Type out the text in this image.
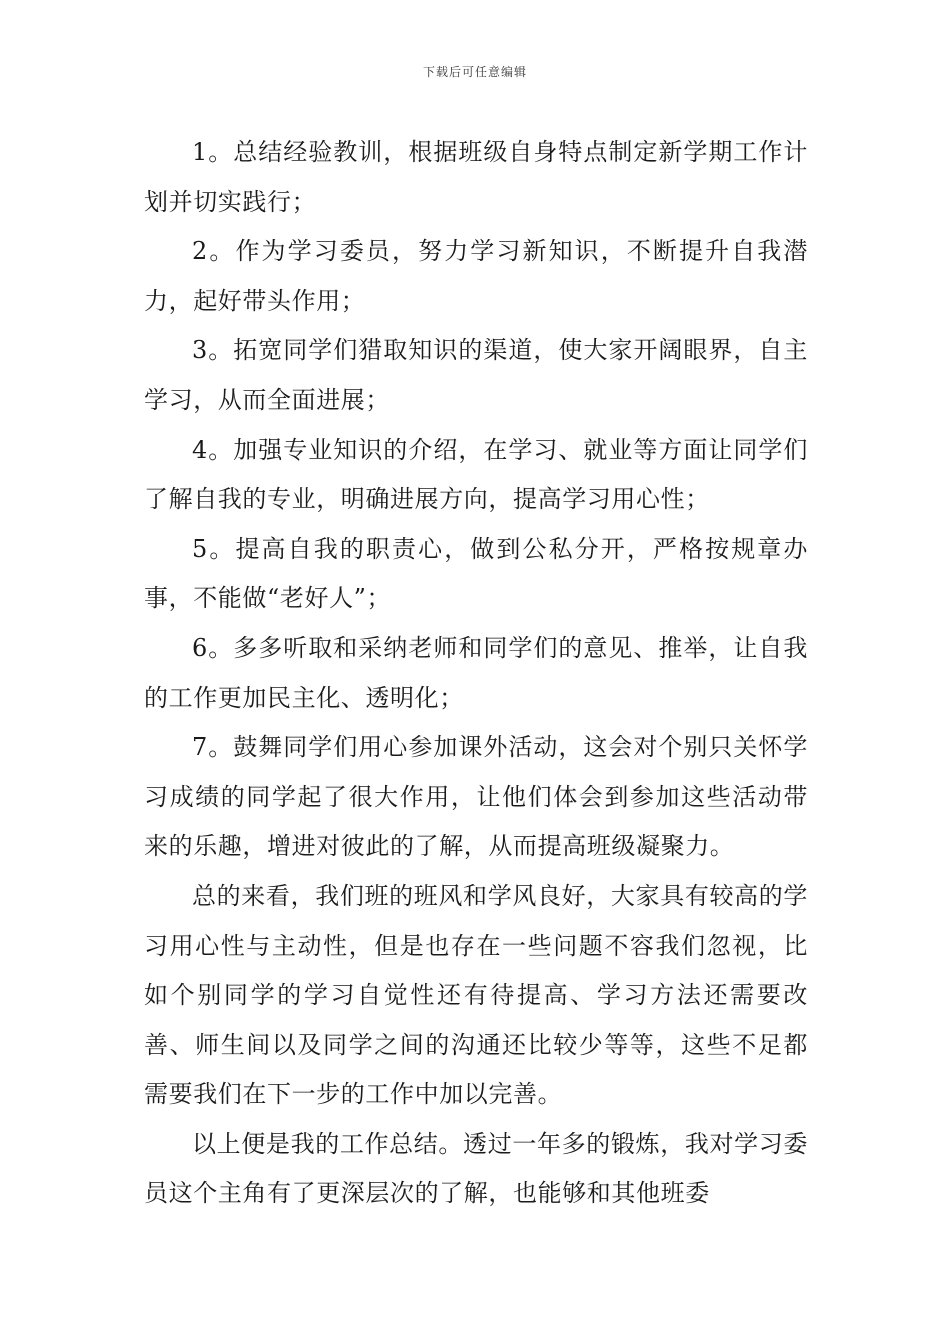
下载后可任意编辑

1。总结经验教训，根据班级自身特点制定新学期工作计划并切实践行；

2。作为学习委员，努力学习新知识，不断提升自我潜力，起好带头作用；

3。拓宽同学们猎取知识的渠道，使大家开阔眼界，自主学习，从而全面进展；

4。加强专业知识的介绍，在学习、就业等方面让同学们了解自我的专业，明确进展方向，提高学习用心性；

5。提高自我的职责心，做到公私分开，严格按规章办事，不能做“老好人”；

6。多多听取和采纳老师和同学们的意见、推举，让自我的工作更加民主化、透明化；

7。鼓舞同学们用心参加课外活动，这会对个别只关怀学习成绩的同学起了很大作用，让他们体会到参加这些活动带来的乐趣，增进对彼此的了解，从而提高班级凝聚力。

总的来看，我们班的班风和学风良好，大家具有较高的学习用心性与主动性，但是也存在一些问题不容我们忽视，比如个别同学的学习自觉性还有待提高、学习方法还需要改善、师生间以及同学之间的沟通还比较少等等，这些不足都需要我们在下一步的工作中加以完善。

以上便是我的工作总结。透过一年多的锻炼，我对学习委员这个主角有了更深层次的了解，也能够和其他班委
